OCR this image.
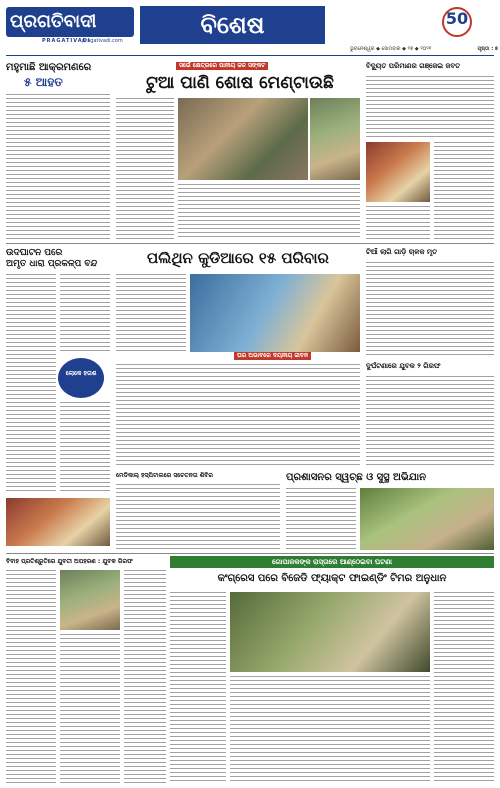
ପ୍ରଗତିବାଦୀ
PRAGATIVADI
pragativadi.com
ବିଶେଷ	50
ଭୁବନେଶ୍ୱର ◆ ସୋମବାର ◆ ୨୭ ◆ ୨୦୨୧	ପୃଷ୍ଠା : ୭
ମହୁମାଛି ଆକ୍ରମଣରେ
୫ ଆହତ
ସର୍ଭେ କ୍ଷେତ୍ରରେ ପାନୀୟ ଜଳ ସଙ୍କଟ
ଟୁଆ ପାଣି ଶୋଷ ମେଣ୍ଟାଉଛି
ବିଦ୍ୟୁତ ପରିମାଣର ଗଞ୍ଜେଇ ଜବତ
ପଲିଥିନ କୁଡିଆରେ ୧୫ ପରିବାର
ଘର ଅଭାବରେ ଦୟନୀୟ ଜୀବନ
ଉଦଘାଟନ ପରେ
ଅମୃତ ଧାରା ପ୍ରକଳ୍ପ ବନ୍ଦ
ଲୋକେ ହତାଶ
ଟିଆଁ ଲାଗି ଗାଡ଼ି ଚାଳକ ମୃତ
ଦୁର୍ଘଟଣାରେ ଯୁବକ ୨ ଗିରଫ
ମେଡିକାଲ୍ ହସ୍ପିଟାଲରେ ସଚେତନତା ଶିବିର	ପ୍ରଶାସନର ସ୍ୱଚ୍ଛ ଓ ସୁସ୍ଥ ଅଭିଯାନ
ଗୋପାଳକଙ୍କ ରାସ୍ତାରେ ଆଣ୍ଠେଇବା ଘଟଣା
କଂଗ୍ରେସ ପରେ ବିଜେଡି ଫ୍ୟାକ୍ଟ ଫାଇଣ୍ଡିଂ ଟିମର ଅନୁଧାନ
ବିବାହ ପ୍ରତିଶ୍ରୁତିରେ ଯୁବତୀ ଅପହରଣ : ଯୁବକ ଗିରଫ
